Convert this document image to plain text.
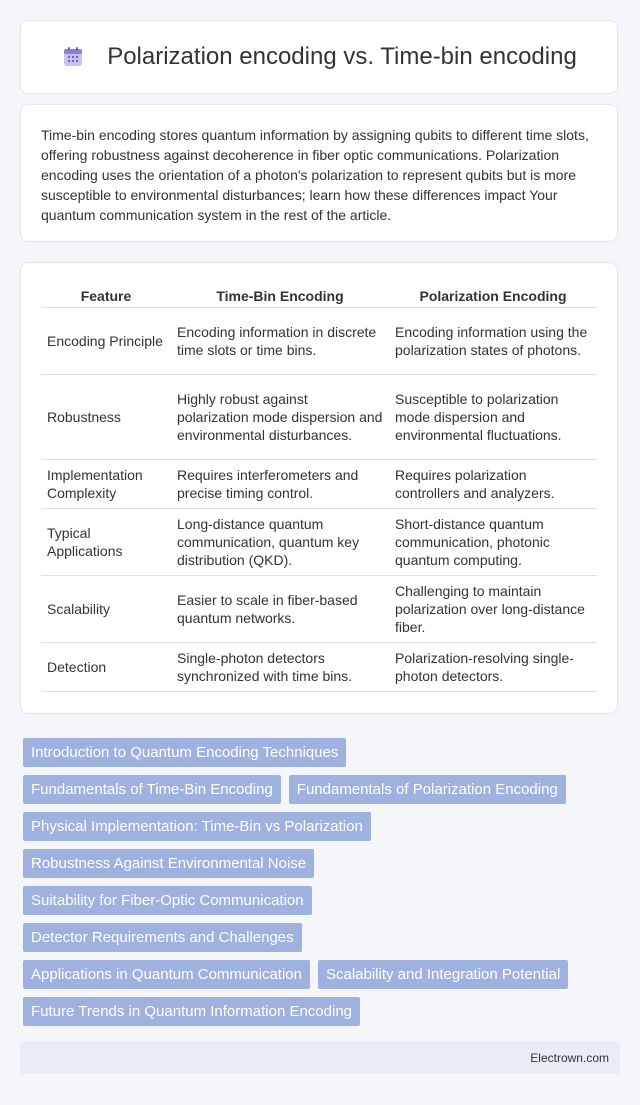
Polarization encoding vs. Time-bin encoding

Time-bin encoding stores quantum information by assigning qubits to different time slots, offering robustness against decoherence in fiber optic communications. Polarization encoding uses the orientation of a photon's polarization to represent qubits but is more susceptible to environmental disturbances; learn how these differences impact Your quantum communication system in the rest of the article.

Feature	Time-Bin Encoding	Polarization Encoding
Encoding Principle	Encoding information in discrete time slots or time bins.	Encoding information using the polarization states of photons.
Robustness	Highly robust against polarization mode dispersion and environmental disturbances.	Susceptible to polarization mode dispersion and environmental fluctuations.
Implementation Complexity	Requires interferometers and precise timing control.	Requires polarization controllers and analyzers.
Typical Applications	Long-distance quantum communication, quantum key distribution (QKD).	Short-distance quantum communication, photonic quantum computing.
Scalability	Easier to scale in fiber-based quantum networks.	Challenging to maintain polarization over long-distance fiber.
Detection	Single-photon detectors synchronized with time bins.	Polarization-resolving single-photon detectors.
Introduction to Quantum Encoding Techniques
Fundamentals of Time-Bin Encoding	Fundamentals of Polarization Encoding
Physical Implementation: Time-Bin vs Polarization
Robustness Against Environmental Noise
Suitability for Fiber-Optic Communication
Detector Requirements and Challenges
Applications in Quantum Communication	Scalability and Integration Potential
Future Trends in Quantum Information Encoding
Electrown.com
